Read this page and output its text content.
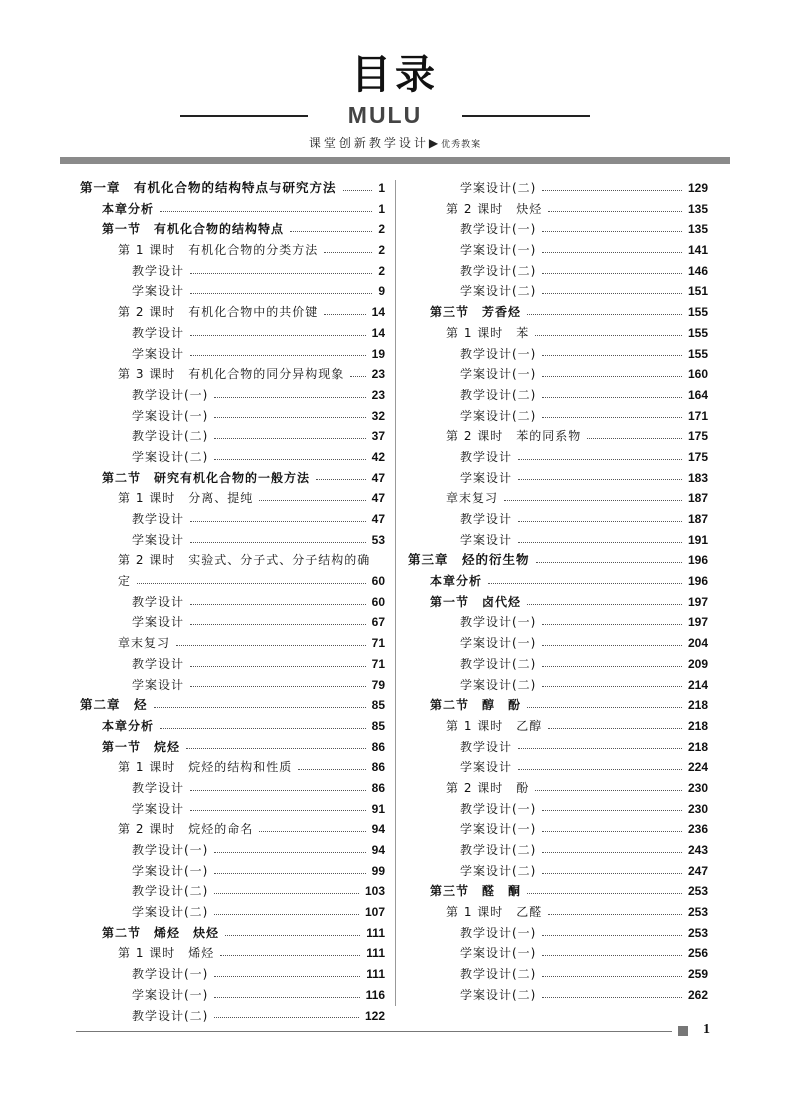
目录
MULU
课堂创新教学设计▶优秀教案
第一章　有机化合物的结构特点与研究方法	1
本章分析	1
第一节　有机化合物的结构特点	2
第 1 课时　有机化合物的分类方法	2
教学设计	2
学案设计	9
第 2 课时　有机化合物中的共价键	14
教学设计	14
学案设计	19
第 3 课时　有机化合物的同分异构现象	23
教学设计(一)	23
学案设计(一)	32
教学设计(二)	37
学案设计(二)	42
第二节　研究有机化合物的一般方法	47
第 1 课时　分离、提纯	47
教学设计	47
学案设计	53
第 2 课时　实验式、分子式、分子结构的确
定	60
教学设计	60
学案设计	67
章末复习	71
教学设计	71
学案设计	79
第二章　烃	85
本章分析	85
第一节　烷烃	86
第 1 课时　烷烃的结构和性质	86
教学设计	86
学案设计	91
第 2 课时　烷烃的命名	94
教学设计(一)	94
学案设计(一)	99
教学设计(二)	103
学案设计(二)	107
第二节　烯烃　炔烃	111
第 1 课时　烯烃	111
教学设计(一)	111
学案设计(一)	116
教学设计(二)	122
学案设计(二)	129
第 2 课时　炔烃	135
教学设计(一)	135
学案设计(一)	141
教学设计(二)	146
学案设计(二)	151
第三节　芳香烃	155
第 1 课时　苯	155
教学设计(一)	155
学案设计(一)	160
教学设计(二)	164
学案设计(二)	171
第 2 课时　苯的同系物	175
教学设计	175
学案设计	183
章末复习	187
教学设计	187
学案设计	191
第三章　烃的衍生物	196
本章分析	196
第一节　卤代烃	197
教学设计(一)	197
学案设计(一)	204
教学设计(二)	209
学案设计(二)	214
第二节　醇　酚	218
第 1 课时　乙醇	218
教学设计	218
学案设计	224
第 2 课时　酚	230
教学设计(一)	230
学案设计(一)	236
教学设计(二)	243
学案设计(二)	247
第三节　醛　酮	253
第 1 课时　乙醛	253
教学设计(一)	253
学案设计(一)	256
教学设计(二)	259
学案设计(二)	262
1
